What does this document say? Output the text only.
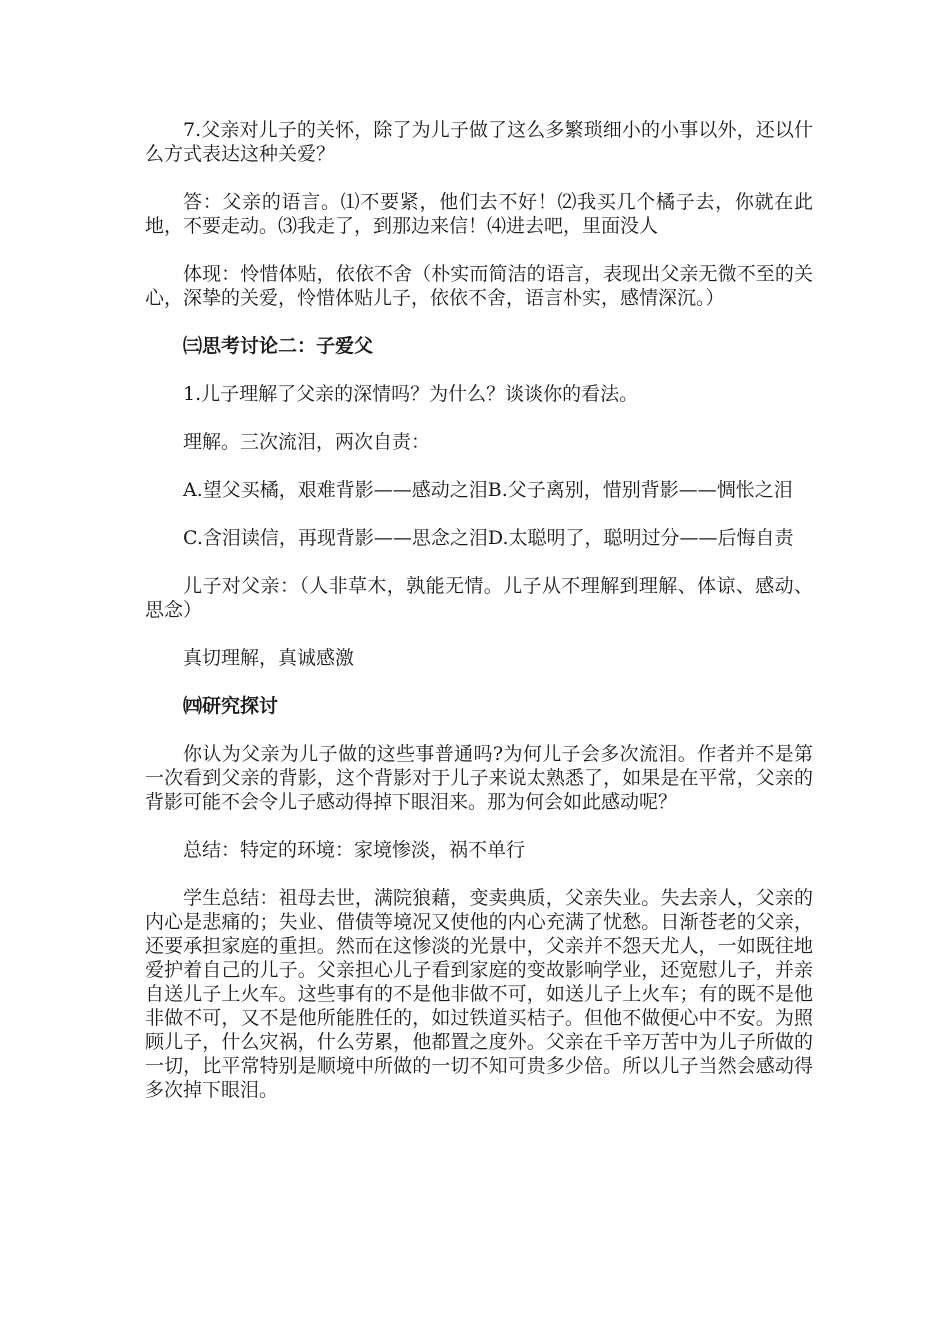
7.父亲对儿子的关怀，除了为儿子做了这么多繁琐细小的小事以外，还以什么方式表达这种关爱？

答：父亲的语言。⑴不要紧，他们去不好！⑵我买几个橘子去，你就在此地，不要走动。⑶我走了，到那边来信！⑷进去吧，里面没人

体现：怜惜体贴，依依不舍（朴实而简洁的语言，表现出父亲无微不至的关心，深挚的关爱，怜惜体贴儿子，依依不舍，语言朴实，感情深沉。）

㈢思考讨论二：子爱父

1.儿子理解了父亲的深情吗？为什么？谈谈你的看法。

理解。三次流泪，两次自责：

A.望父买橘，艰难背影——感动之泪B.父子离别，惜别背影——惆怅之泪

C.含泪读信，再现背影——思念之泪D.太聪明了，聪明过分——后悔自责

儿子对父亲：（人非草木，孰能无情。儿子从不理解到理解、体谅、感动、思念）

真切理解，真诚感激

㈣研究探讨

你认为父亲为儿子做的这些事普通吗?为何儿子会多次流泪。作者并不是第一次看到父亲的背影，这个背影对于儿子来说太熟悉了，如果是在平常，父亲的背影可能不会令儿子感动得掉下眼泪来。那为何会如此感动呢？

总结：特定的环境：家境惨淡，祸不单行

学生总结：祖母去世，满院狼藉，变卖典质，父亲失业。失去亲人，父亲的内心是悲痛的；失业、借债等境况又使他的内心充满了忧愁。日渐苍老的父亲，还要承担家庭的重担。然而在这惨淡的光景中，父亲并不怨天尤人，一如既往地爱护着自己的儿子。父亲担心儿子看到家庭的变故影响学业，还宽慰儿子，并亲自送儿子上火车。这些事有的不是他非做不可，如送儿子上火车；有的既不是他非做不可，又不是他所能胜任的，如过铁道买桔子。但他不做便心中不安。为照顾儿子，什么灾祸，什么劳累，他都置之度外。父亲在千辛万苦中为儿子所做的一切，比平常特别是顺境中所做的一切不知可贵多少倍。所以儿子当然会感动得多次掉下眼泪。
